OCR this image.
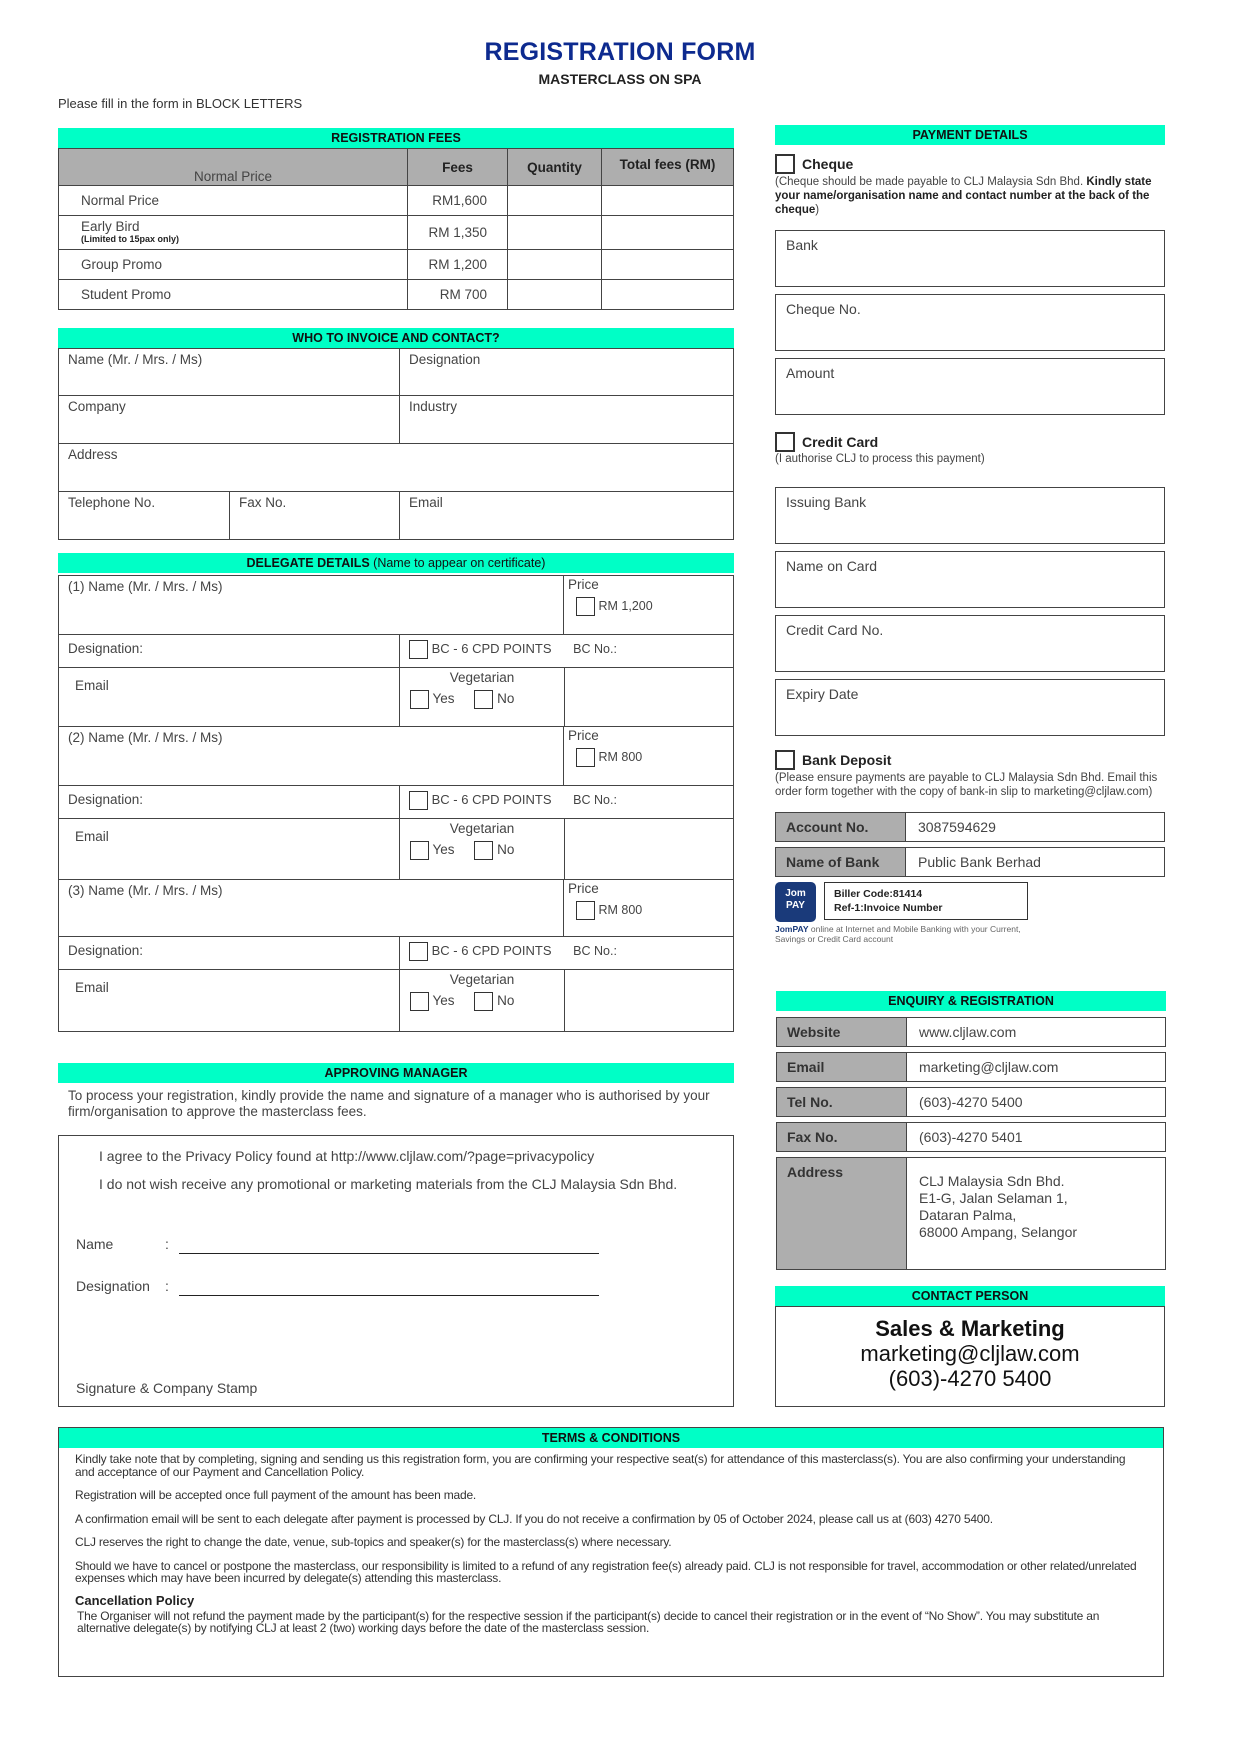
REGISTRATION FORM
MASTERCLASS ON SPA
Please fill in the form in BLOCK LETTERS
REGISTRATION FEES
Normal Price	Fees	Quantity	Total fees (RM)
Normal Price	RM1,600		

Early Bird
(Limited to 15pax only)	RM 1,350		
Group Promo	RM 1,200		
Student Promo	RM 700		
WHO TO INVOICE AND CONTACT?
Name (Mr. / Mrs. / Ms)	Designation
Company	Industry
Address
Telephone No.	Fax No.	Email
DELEGATE DETAILS (Name to appear on certificate)
(1) Name (Mr. / Mrs. / Ms)	Price
RM 1,200
Designation:	BC - 6 CPD POINTS BC No.:
Email
Vegetarian
Yes	No
(2) Name (Mr. / Mrs. / Ms)	Price
RM 800
Designation:	BC - 6 CPD POINTS BC No.:
Email
Vegetarian
Yes	No
(3) Name (Mr. / Mrs. / Ms)	Price
RM 800
Designation:	BC - 6 CPD POINTS BC No.:
Email
Vegetarian
Yes	No
APPROVING MANAGER
To process your registration, kindly provide the name and signature of a manager who is authorised by your firm/organisation to approve the masterclass fees.
I agree to the Privacy Policy found at http://www.cljlaw.com/?page=privacypolicy
I do not wish receive any promotional or marketing materials from the CLJ Malaysia Sdn Bhd.
Name	:
Designation :
Signature & Company Stamp
PAYMENT DETAILS
Cheque
(Cheque should be made payable to CLJ Malaysia Sdn Bhd. Kindly state your name/organisation name and contact number at the back of the cheque)
Bank
Cheque No.
Amount
Credit Card
(I authorise CLJ to process this payment)
Issuing Bank
Name on Card
Credit Card No.
Expiry Date
Bank Deposit
(Please ensure payments are payable to CLJ Malaysia Sdn Bhd. Email this order form together with the copy of bank-in slip to marketing@cljlaw.com)
Account No.	3087594629
Name of Bank	Public Bank Berhad
Jom
PAY
Biller Code:81414
Ref-1:Invoice Number
JomPAY online at Internet and Mobile Banking with your Current, Savings or Credit Card account
ENQUIRY & REGISTRATION
Website	www.cljlaw.com
Email	marketing@cljlaw.com
Tel No.	(603)-4270 5400
Fax No.	(603)-4270 5401
Address
CLJ Malaysia Sdn Bhd.
E1-G, Jalan Selaman 1,
Dataran Palma,
68000 Ampang, Selangor
CONTACT PERSON
Sales & Marketing
marketing@cljlaw.com
(603)-4270 5400
TERMS & CONDITIONS

Kindly take note that by completing, signing and sending us this registration form, you are confirming your respective seat(s) for attendance of this masterclass(s). You are also confirming your understanding and acceptance of our Payment and Cancellation Policy.

Registration will be accepted once full payment of the amount has been made.

A confirmation email will be sent to each delegate after payment is processed by CLJ. If you do not receive a confirmation by 05 of October 2024, please call us at (603) 4270 5400.

CLJ reserves the right to change the date, venue, sub-topics and speaker(s) for the masterclass(s) where necessary.

Should we have to cancel or postpone the masterclass, our responsibility is limited to a refund of any registration fee(s) already paid. CLJ is not responsible for travel, accommodation or other related/unrelated expenses which may have been incurred by delegate(s) attending this masterclass.

Cancellation Policy

The Organiser will not refund the payment made by the participant(s) for the respective session if the participant(s) decide to cancel their registration or in the event of “No Show”. You may substitute an alternative delegate(s) by notifying CLJ at least 2 (two) working days before the date of the masterclass session.
